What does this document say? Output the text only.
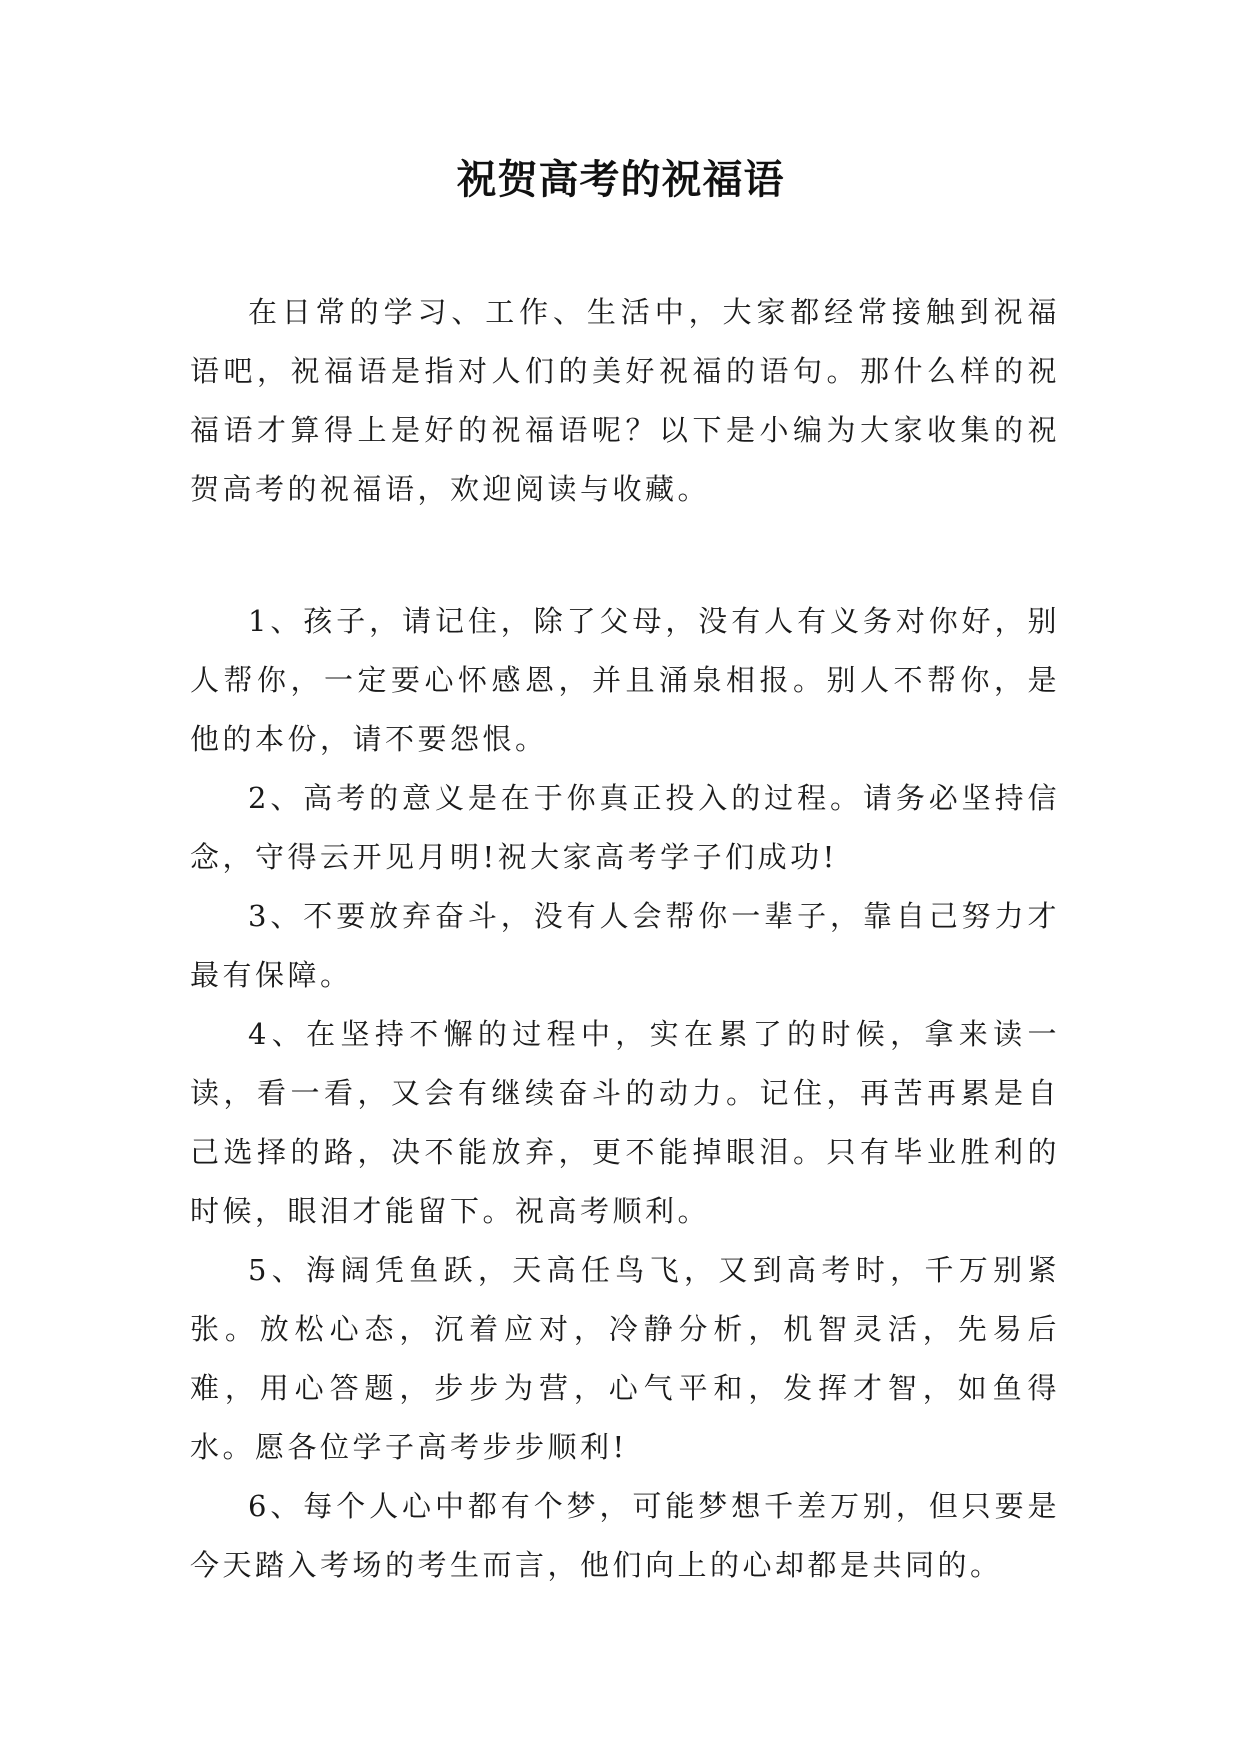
祝贺高考的祝福语

在日常的学习、工作、生活中，大家都经常接触到祝福语吧，祝福语是指对人们的美好祝福的语句。那什么样的祝福语才算得上是好的祝福语呢？以下是小编为大家收集的祝贺高考的祝福语，欢迎阅读与收藏。

1、孩子，请记住，除了父母，没有人有义务对你好，别人帮你，一定要心怀感恩，并且涌泉相报。别人不帮你，是他的本份，请不要怨恨。

2、高考的意义是在于你真正投入的过程。请务必坚持信念，守得云开见月明!祝大家高考学子们成功!

3、不要放弃奋斗，没有人会帮你一辈子，靠自己努力才最有保障。

4、在坚持不懈的过程中，实在累了的时候，拿来读一读，看一看，又会有继续奋斗的动力。记住，再苦再累是自己选择的路，决不能放弃，更不能掉眼泪。只有毕业胜利的时候，眼泪才能留下。祝高考顺利。

5、海阔凭鱼跃，天高任鸟飞，又到高考时，千万别紧张。放松心态，沉着应对，冷静分析，机智灵活，先易后难，用心答题，步步为营，心气平和，发挥才智，如鱼得水。愿各位学子高考步步顺利!

6、每个人心中都有个梦，可能梦想千差万别，但只要是今天踏入考场的考生而言，他们向上的心却都是共同的。
